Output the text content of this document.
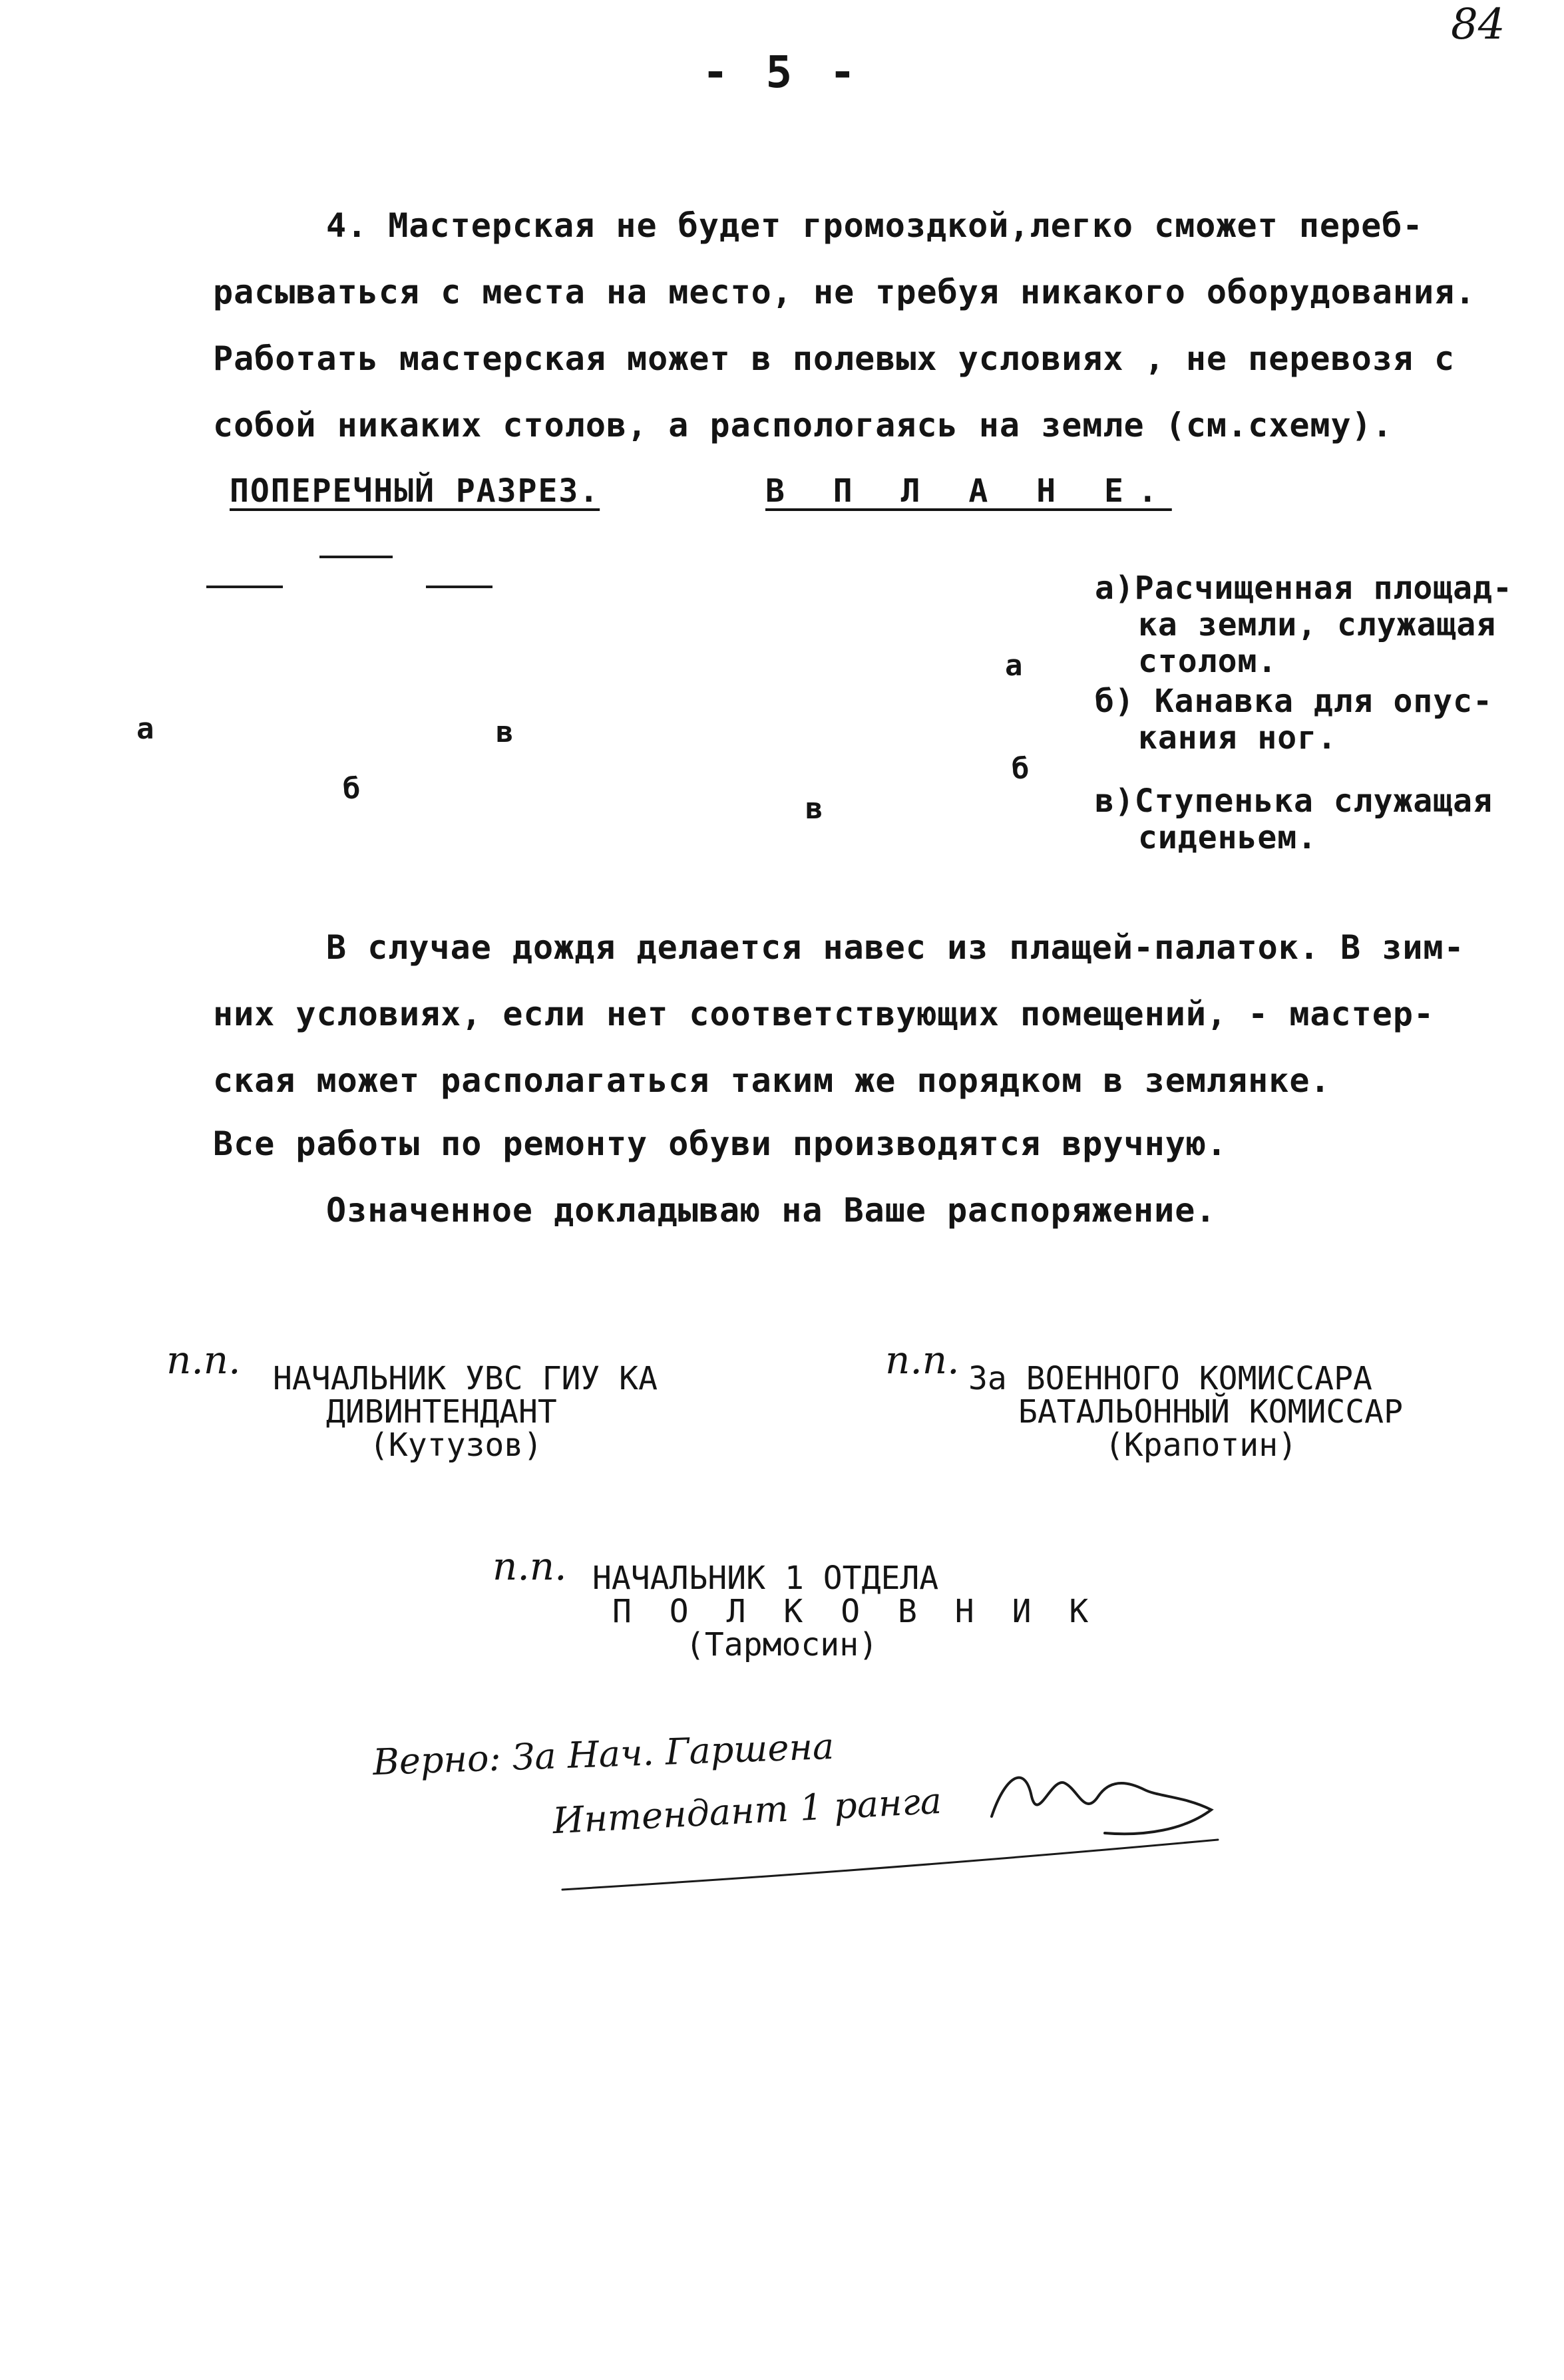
- 5 -
84
4. Мастерская не будет громоздкой,легко сможет переб-
расываться с места на место, не требуя никакого оборудования.
Работать мастерская может в полевых условиях , не перевозя с
собой никаких столов, а распологаясь на земле (см.схему).
ПОПЕРЕЧНЫЙ РАЗРЕЗ.	В П Л А Н Е.
а
б
в
а
б
в
а)Расчищенная площад-
ка земли, служащая
столом.
б) Канавка для опус-
кания ног.
в)Ступенька служащая
сиденьем.
В случае дождя делается навес из плащей-палаток. В зим-
них условиях, если нет соответствующих помещений, - мастер-
ская может располагаться таким же порядком в землянке.
Все работы по ремонту обуви производятся вручную.
Означенное докладываю на Ваше распоряжение.
п.п. НАЧАЛЬНИК УВС ГИУ КА
ДИВИНТЕНДАНТ
(Кутузов)
п.п. За ВОЕННОГО КОМИССАРА
БАТАЛЬОННЫЙ КОМИССАР
(Крапотин)
п.п. НАЧАЛЬНИК 1 ОТДЕЛА
П О Л К О В Н И К
(Тармосин)
Верно: За Нач. Гаршена
Интендант 1 ранга
